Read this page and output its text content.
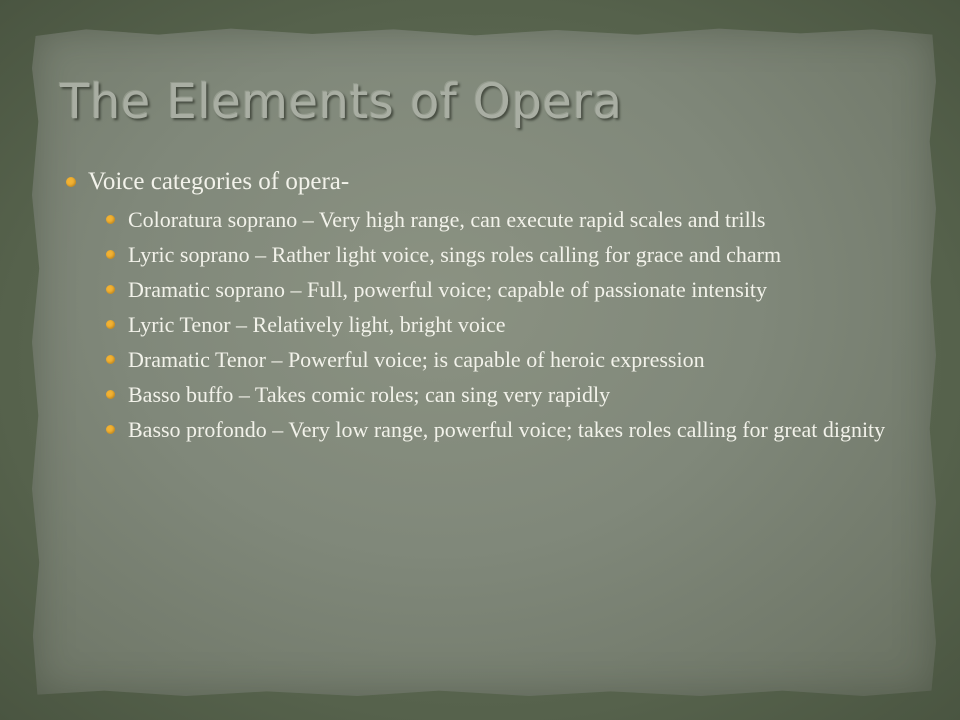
The Elements of Opera
Voice categories of opera-
Coloratura soprano – Very high range, can execute rapid scales and trills
Lyric soprano – Rather light voice, sings roles calling for grace and charm
Dramatic soprano – Full, powerful voice; capable of passionate intensity
Lyric Tenor – Relatively light, bright voice
Dramatic Tenor – Powerful voice; is capable of heroic expression
Basso buffo – Takes comic roles; can sing very rapidly
Basso profondo – Very low range, powerful voice; takes roles calling for great dignity
